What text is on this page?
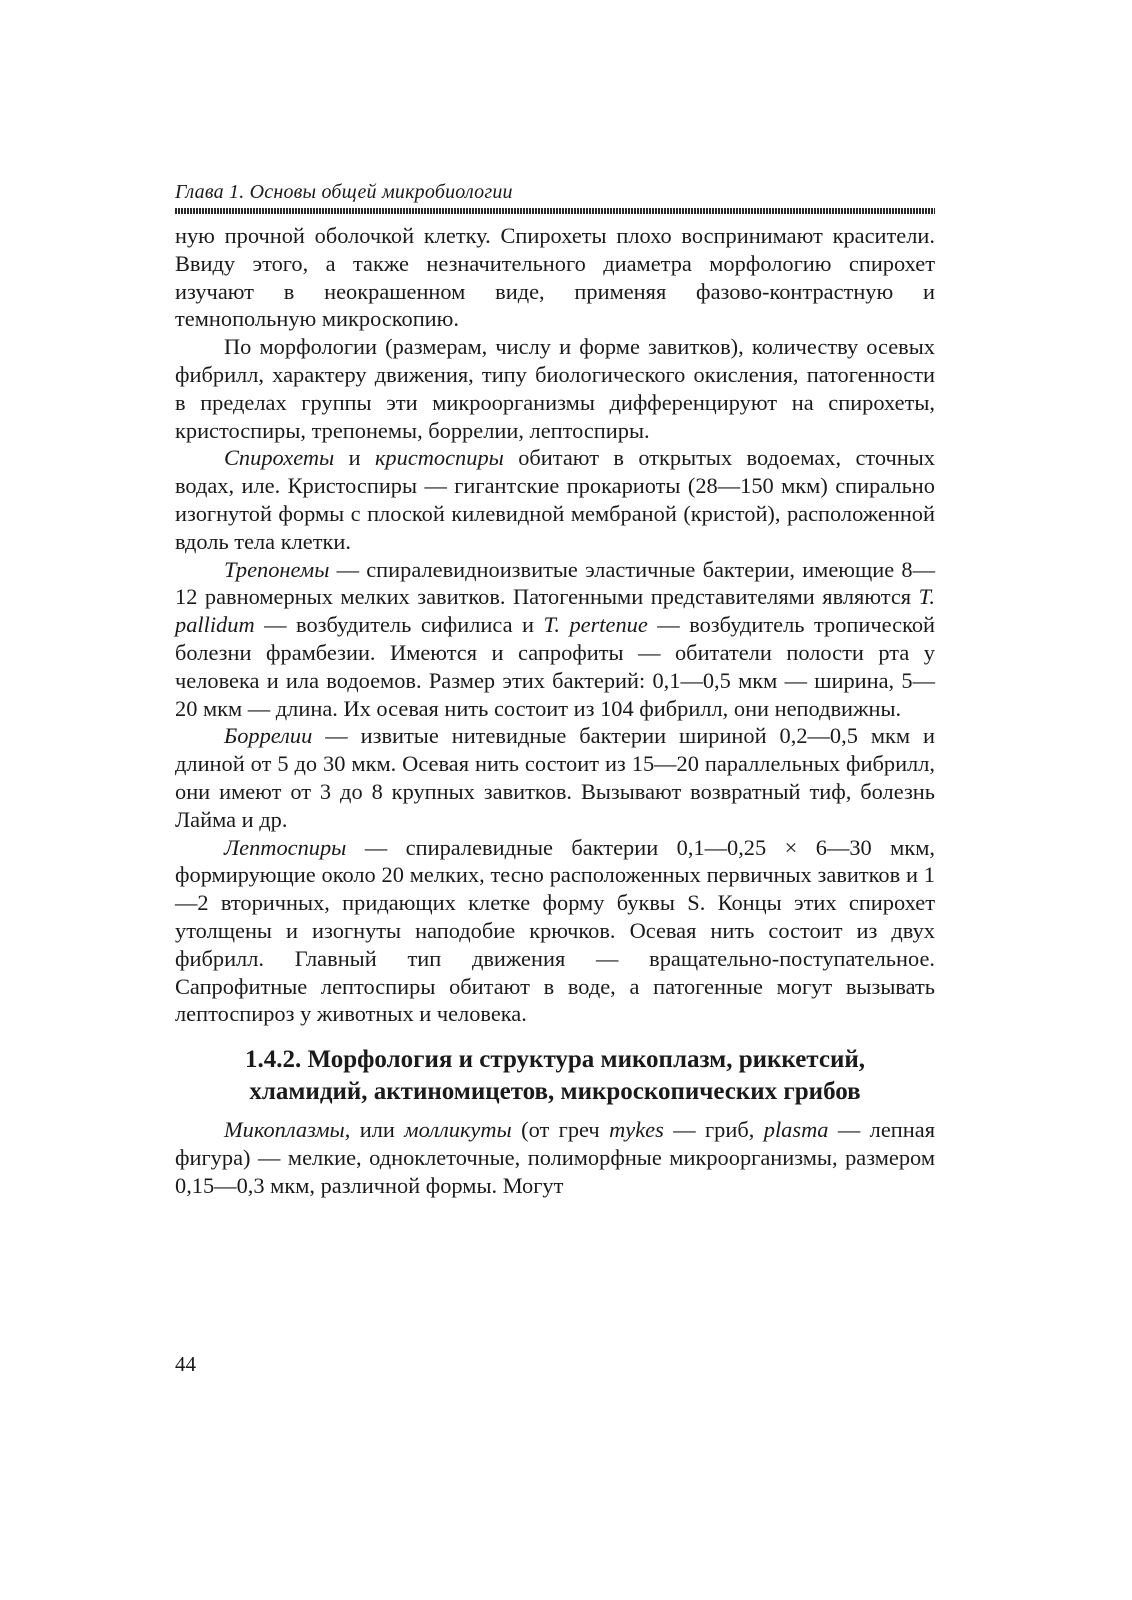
Глава 1. Основы общей микробиологии

ную прочной оболочкой клетку. Спирохеты плохо воспринимают красители. Ввиду этого, а также незначительного диаметра морфологию спирохет изучают в неокрашенном виде, применяя фазово-контрастную и темнопольную микроскопию.

По морфологии (размерам, числу и форме завитков), количеству осевых фибрилл, характеру движения, типу биологического окисления, патогенности в пределах группы эти микроорганизмы дифференцируют на спирохеты, кристоспиры, трепонемы, боррелии, лептоспиры.

Спирохеты и кристоспиры обитают в открытых водоемах, сточных водах, иле. Кристоспиры — гигантские прокариоты (28—150 мкм) спирально изогнутой формы с плоской килевидной мембраной (кристой), расположенной вдоль тела клетки.

Трепонемы — спиралевидноизвитые эластичные бактерии, имеющие 8—12 равномерных мелких завитков. Патогенными представителями являются T. pallidum — возбудитель сифилиса и T. pertenue — возбудитель тропической болезни фрамбезии. Имеются и сапрофиты — обитатели полости рта у человека и ила водоемов. Размер этих бактерий: 0,1—0,5 мкм — ширина, 5—20 мкм — длина. Их осевая нить состоит из 104 фибрилл, они неподвижны.

Боррелии — извитые нитевидные бактерии шириной 0,2—0,5 мкм и длиной от 5 до 30 мкм. Осевая нить состоит из 15—20 параллельных фибрилл, они имеют от 3 до 8 крупных завитков. Вызывают возвратный тиф, болезнь Лайма и др.

Лептоспиры — спиралевидные бактерии 0,1—0,25 × 6—30 мкм, формирующие около 20 мелких, тесно расположенных первичных завитков и 1—2 вторичных, придающих клетке форму буквы S. Концы этих спирохет утолщены и изогнуты наподобие крючков. Осевая нить состоит из двух фибрилл. Главный тип движения — вращательно-поступательное. Сапрофитные лептоспиры обитают в воде, а патогенные могут вызывать лептоспироз у животных и человека.

1.4.2. Морфология и структура микоплазм, риккетсий,
хламидий, актиномицетов, микроскопических грибов

Микоплазмы, или молликуты (от греч mykes — гриб, plasma — лепная фигура) — мелкие, одноклеточные, полиморфные микроорганизмы, размером 0,15—0,3 мкм, различной формы. Могут

44
